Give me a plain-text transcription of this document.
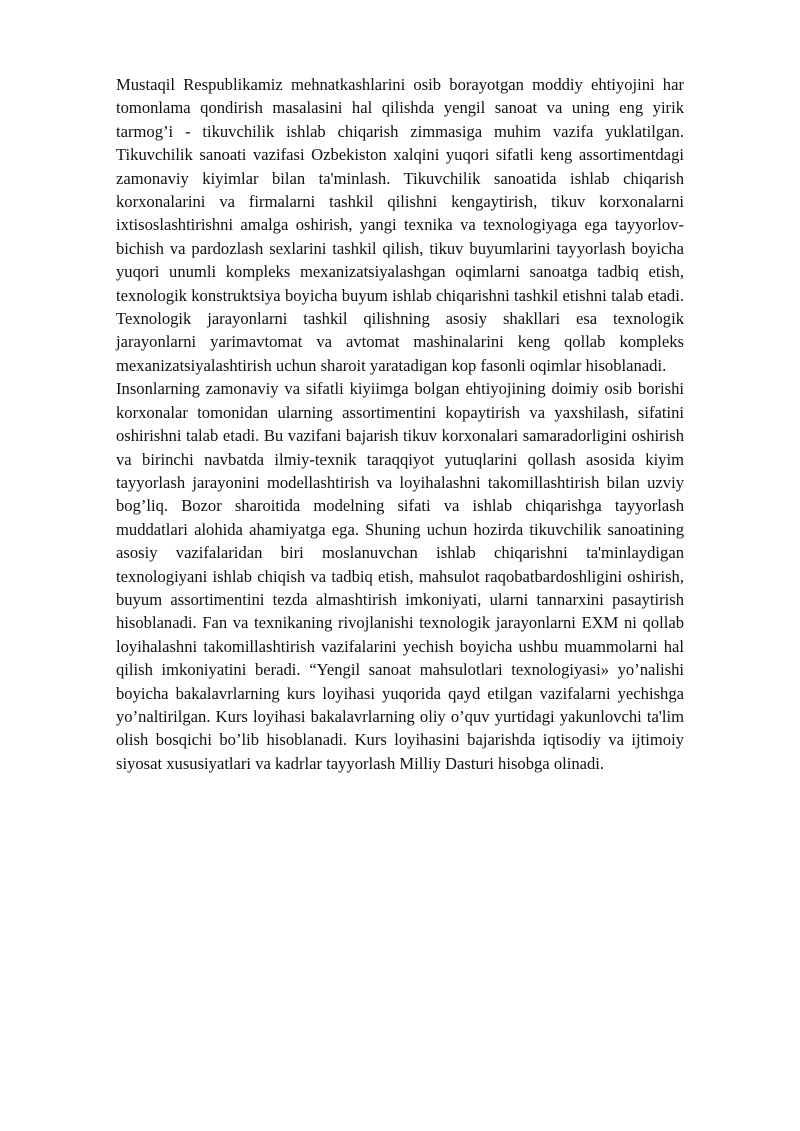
Mustaqil Respublikamiz mehnatkashlarini osib borayotgan moddiy ehtiyojini har tomonlama qondirish masalasini hal qilishda yengil sanoat va uning eng yirik tarmog’i - tikuvchilik ishlab chiqarish zimmasiga muhim vazifa yuklatilgan. Tikuvchilik sanoati vazifasi Ozbekiston xalqini yuqori sifatli keng assortimentdagi zamonaviy kiyimlar bilan ta'minlash. Tikuvchilik sanoatida ishlab chiqarish korxonalarini va firmalarni tashkil qilishni kengaytirish, tikuv korxonalarni ixtisoslashtirishni amalga oshirish, yangi texnika va texnologiyaga ega tayyorlov-bichish va pardozlash sexlarini tashkil qilish, tikuv buyumlarini tayyorlash boyicha yuqori unumli kompleks mexanizatsiyalashgan oqimlarni sanoatga tadbiq etish, texnologik konstruktsiya boyicha buyum ishlab chiqarishni tashkil etishni talab etadi. Texnologik jarayonlarni tashkil qilishning asosiy shakllari esa texnologik jarayonlarni yarimavtomat va avtomat mashinalarini keng qollab kompleks mexanizatsiyalashtirish uchun sharoit yaratadigan kop fasonli oqimlar hisoblanadi.

Insonlarning zamonaviy va sifatli kiyiimga bolgan ehtiyojining doimiy osib borishi korxonalar tomonidan ularning assortimentini kopaytirish va yaxshilash, sifatini oshirishni talab etadi. Bu vazifani bajarish tikuv korxonalari samaradorligini oshirish va birinchi navbatda ilmiy-texnik taraqqiyot yutuqlarini qollash asosida kiyim tayyorlash jarayonini modellashtirish va loyihalashni takomillashtirish bilan uzviy bog’liq. Bozor sharoitida modelning sifati va ishlab chiqarishga tayyorlash muddatlari alohida ahamiyatga ega. Shuning uchun hozirda tikuvchilik sanoatining asosiy vazifalaridan biri moslanuvchan ishlab chiqarishni ta'minlaydigan texnologiyani ishlab chiqish va tadbiq etish, mahsulot raqobatbardoshligini oshirish, buyum assortimentini tezda almashtirish imkoniyati, ularni tannarxini pasaytirish hisoblanadi. Fan va texnikaning rivojlanishi texnologik jarayonlarni EXM ni qollab loyihalashni takomillashtirish vazifalarini yechish boyicha ushbu muammolarni hal qilish imkoniyatini beradi. “Yengil sanoat mahsulotlari texnologiyasi» yo’nalishi boyicha bakalavrlarning kurs loyihasi yuqorida qayd etilgan vazifalarni yechishga yo’naltirilgan. Kurs loyihasi bakalavrlarning oliy o’quv yurtidagi yakunlovchi ta'lim olish bosqichi bo’lib hisoblanadi. Kurs loyihasini bajarishda iqtisodiy va ijtimoiy siyosat xususiyatlari va kadrlar tayyorlash Milliy Dasturi hisobga olinadi.
